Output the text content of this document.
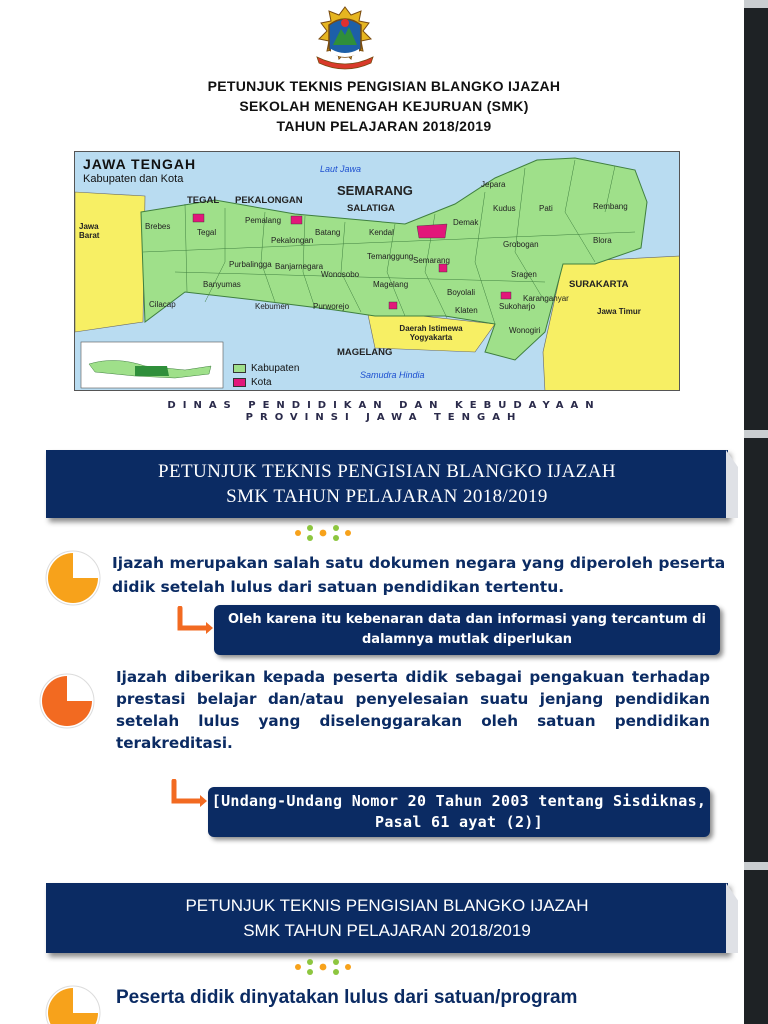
PETUNJUK TEKNIS PENGISIAN BLANGKO IJAZAH
SEKOLAH MENENGAH KEJURUAN (SMK)
TAHUN PELAJARAN 2018/2019
JAWA TENGAH
Kabupaten dan Kota
Laut Jawa
Samudra Hindia
Jawa Barat
Jawa Timur
Daerah Istimewa Yogyakarta
SEMARANG
SALATIGA
TEGAL PEKALONGAN
SURAKARTA
MAGELANG
Brebes
Tegal
Pemalang
Pekalongan
Batang	Kendal
Demak
Kudus
Jepara
Pati	Rembang
Blora
Grobogan
Semarang
Temanggung
Wonosobo
Banjarnegara
Purbalingga
Banyumas
Cilacap	Kebumen	Purworejo
Magelang
Boyolali
Sragen
Karanganyar
Sukoharjo
Klaten
Wonogiri
Kabupaten
Kota
DINAS PENDIDIKAN DAN KEBUDAYAAN
PROVINSI JAWA TENGAH
PETUNJUK TEKNIS PENGISIAN BLANGKO IJAZAH
SMK TAHUN PELAJARAN 2018/2019
Ijazah merupakan salah satu dokumen negara yang diperoleh peserta didik setelah lulus dari satuan pendidikan tertentu.
Oleh karena itu kebenaran data dan informasi yang tercantum di dalamnya mutlak diperlukan
Ijazah diberikan kepada peserta didik sebagai pengakuan terhadap prestasi belajar dan/atau penyelesaian suatu jenjang pendidikan setelah lulus yang diselenggarakan oleh satuan pendidikan terakreditasi.
[Undang-Undang Nomor 20 Tahun 2003 tentang Sisdiknas, Pasal 61 ayat (2)]
PETUNJUK TEKNIS PENGISIAN BLANGKO IJAZAH
SMK TAHUN PELAJARAN 2018/2019
Peserta didik dinyatakan lulus dari satuan/program
